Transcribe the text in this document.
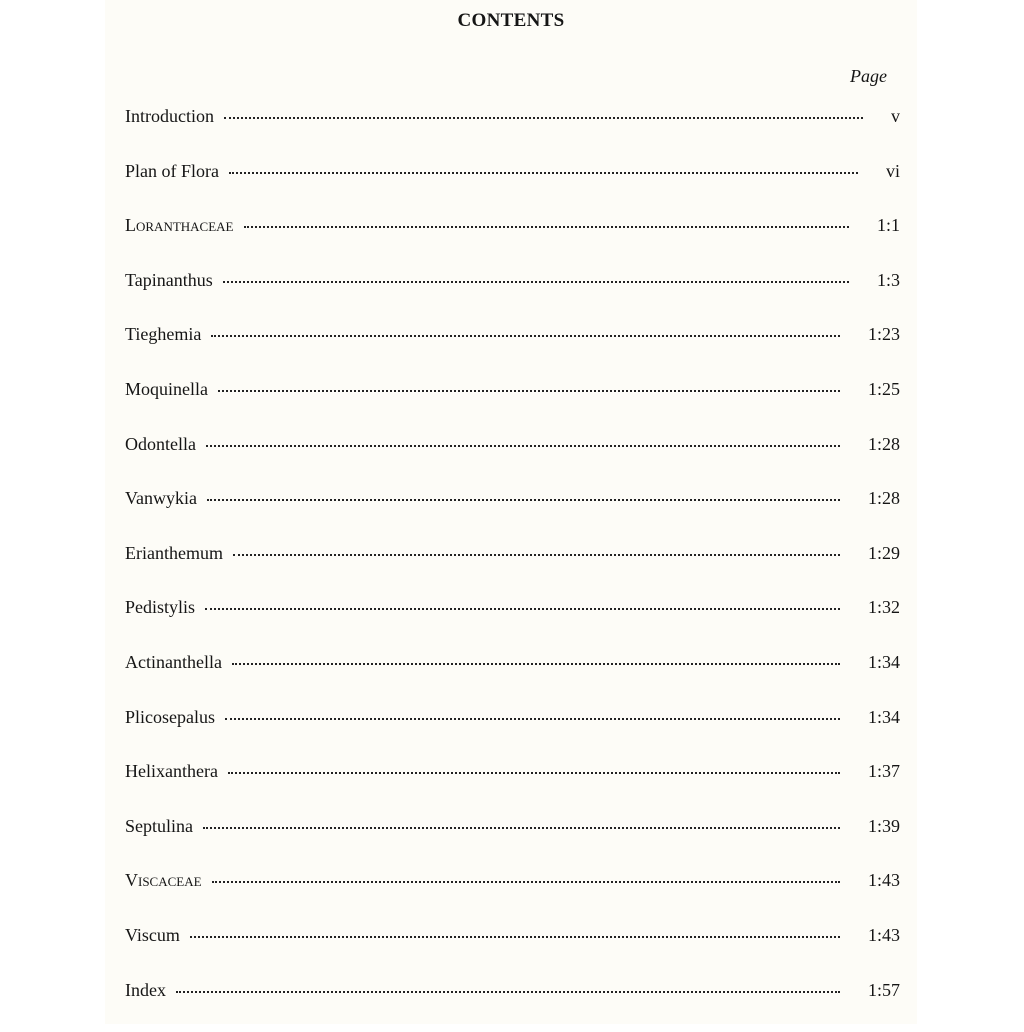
CONTENTS
Page
Introduction	v
Plan of Flora	vi
Loranthaceae	1:1
Tapinanthus	1:3
Tieghemia	1:23
Moquinella	1:25
Odontella	1:28
Vanwykia	1:28
Erianthemum	1:29
Pedistylis	1:32
Actinanthella	1:34
Plicosepalus	1:34
Helixanthera	1:37
Septulina	1:39
Viscaceae	1:43
Viscum	1:43
Index	1:57
